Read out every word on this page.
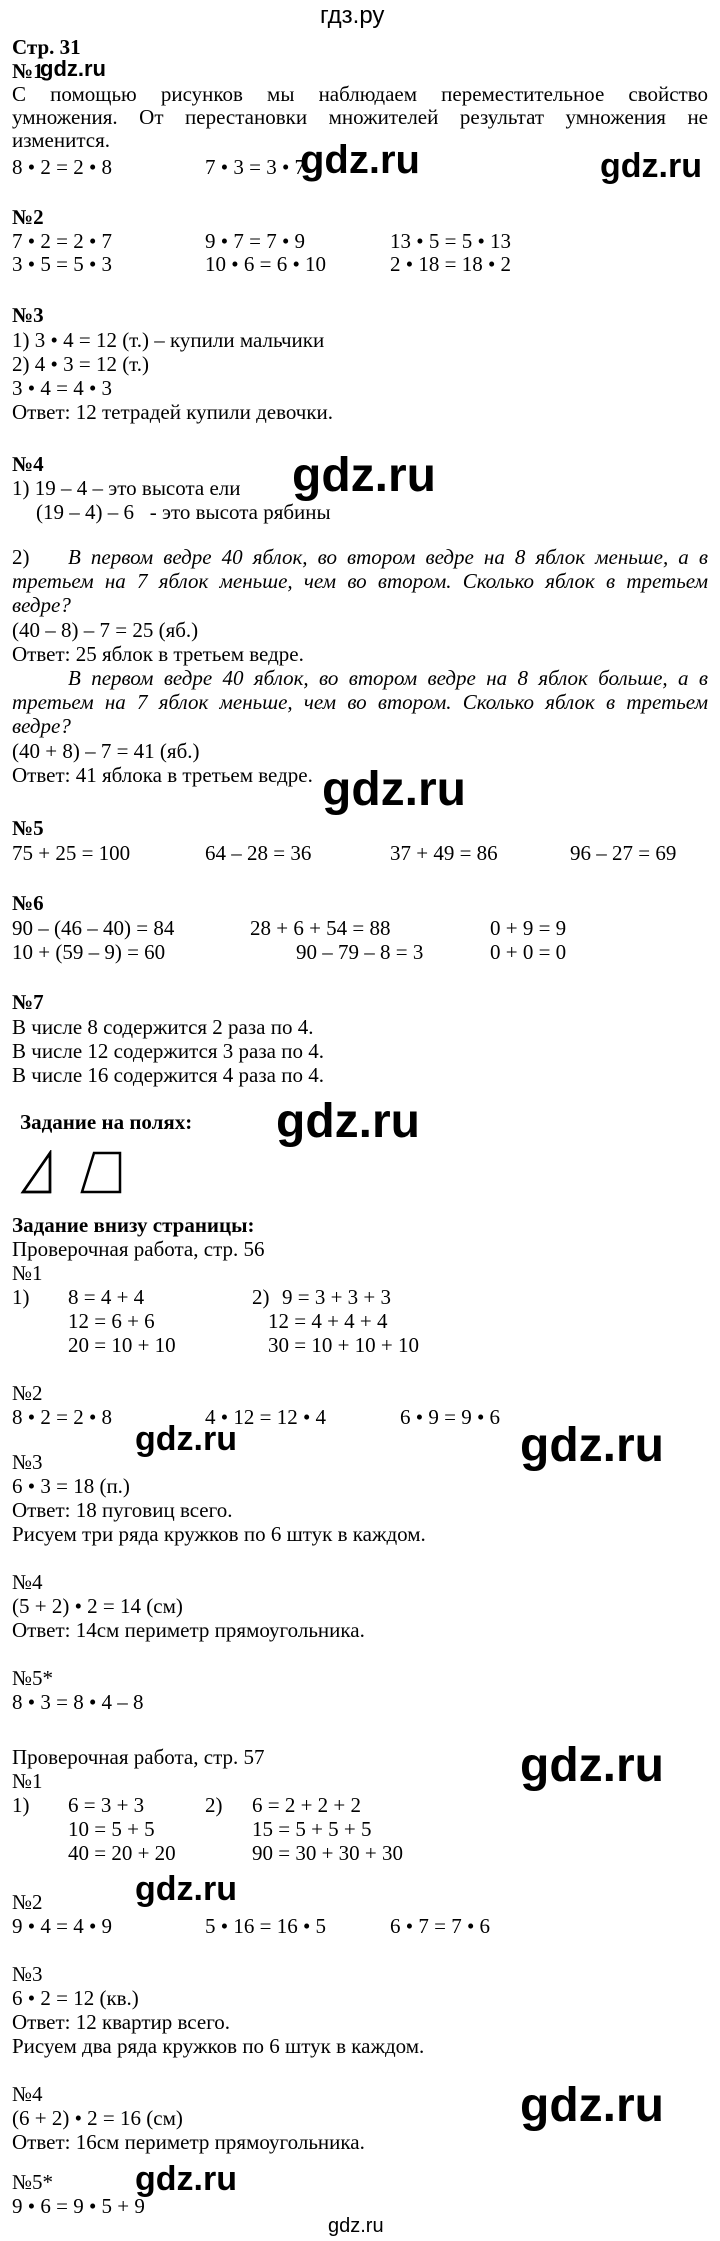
гдз.ру
Стр. 31
№1
gdz.ru
С помощью рисунков мы наблюдаем переместительное свойство
умножения. От перестановки множителей результат умножения не
изменится.
8 • 2 = 2 • 8	7 • 3 = 3 • 7
gdz.ru	gdz.ru
№2
7 • 2 = 2 • 7	9 • 7 = 7 • 9	13 • 5 = 5 • 13
3 • 5 = 5 • 3	10 • 6 = 6 • 10	2 • 18 = 18 • 2
№3
1) 3 • 4 = 12 (т.) – купили мальчики
2) 4 • 3 = 12 (т.)
3 • 4 = 4 • 3
Ответ: 12 тетрадей купили девочки.
№4	gdz.ru
1) 19 – 4 – это высота ели
(19 – 4) – 6   - это высота рябины
2) В первом ведре 40 яблок, во втором ведре на 8 яблок меньше, а в
третьем на 7 яблок меньше, чем во втором. Сколько яблок в третьем
ведре?
(40 – 8) – 7 = 25 (яб.)
Ответ: 25 яблок в третьем ведре.
В первом ведре 40 яблок, во втором ведре на 8 яблок больше, а в
третьем на 7 яблок меньше, чем во втором. Сколько яблок в третьем
ведре?
(40 + 8) – 7 = 41 (яб.)
Ответ: 41 яблока в третьем ведре. gdz.ru
№5
75 + 25 = 100	64 – 28 = 36	37 + 49 = 86	96 – 27 = 69
№6
90 – (46 – 40) = 84	28 + 6 + 54 = 88	0 + 9 = 9
10 + (59 – 9) = 60	90 – 79 – 8 = 3	0 + 0 = 0
№7
В числе 8 содержится 2 раза по 4.
В числе 12 содержится 3 раза по 4.
В числе 16 содержится 4 раза по 4.
Задание на полях: gdz.ru
Задание внизу страницы:
Проверочная работа, стр. 56
№1
1) 8 = 4 + 4
12 = 6 + 6
20 = 10 + 10
2) 9 = 3 + 3 + 3
12 = 4 + 4 + 4
30 = 10 + 10 + 10
№2
8 • 2 = 2 • 8	4 • 12 = 12 • 4	6 • 9 = 9 • 6
gdz.ru	gdz.ru
№3
6 • 3 = 18 (п.)
Ответ: 18 пуговиц всего.
Рисуем три ряда кружков по 6 штук в каждом.
№4
(5 + 2) • 2 = 14 (см)
Ответ: 14см периметр прямоугольника.
№5*
8 • 3 = 8 • 4 – 8
Проверочная работа, стр. 57	gdz.ru
№1
1) 6 = 3 + 3
10 = 5 + 5
40 = 20 + 20
2) 6 = 2 + 2 + 2
15 = 5 + 5 + 5
90 = 30 + 30 + 30
gdz.ru
№2
9 • 4 = 4 • 9	5 • 16 = 16 • 5	6 • 7 = 7 • 6
№3
6 • 2 = 12 (кв.)
Ответ: 12 квартир всего.
Рисуем два ряда кружков по 6 штук в каждом.
№4
(6 + 2) • 2 = 16 (см)
Ответ: 16см периметр прямоугольника.
gdz.ru
№5* gdz.ru
9 • 6 = 9 • 5 + 9
gdz.ru
